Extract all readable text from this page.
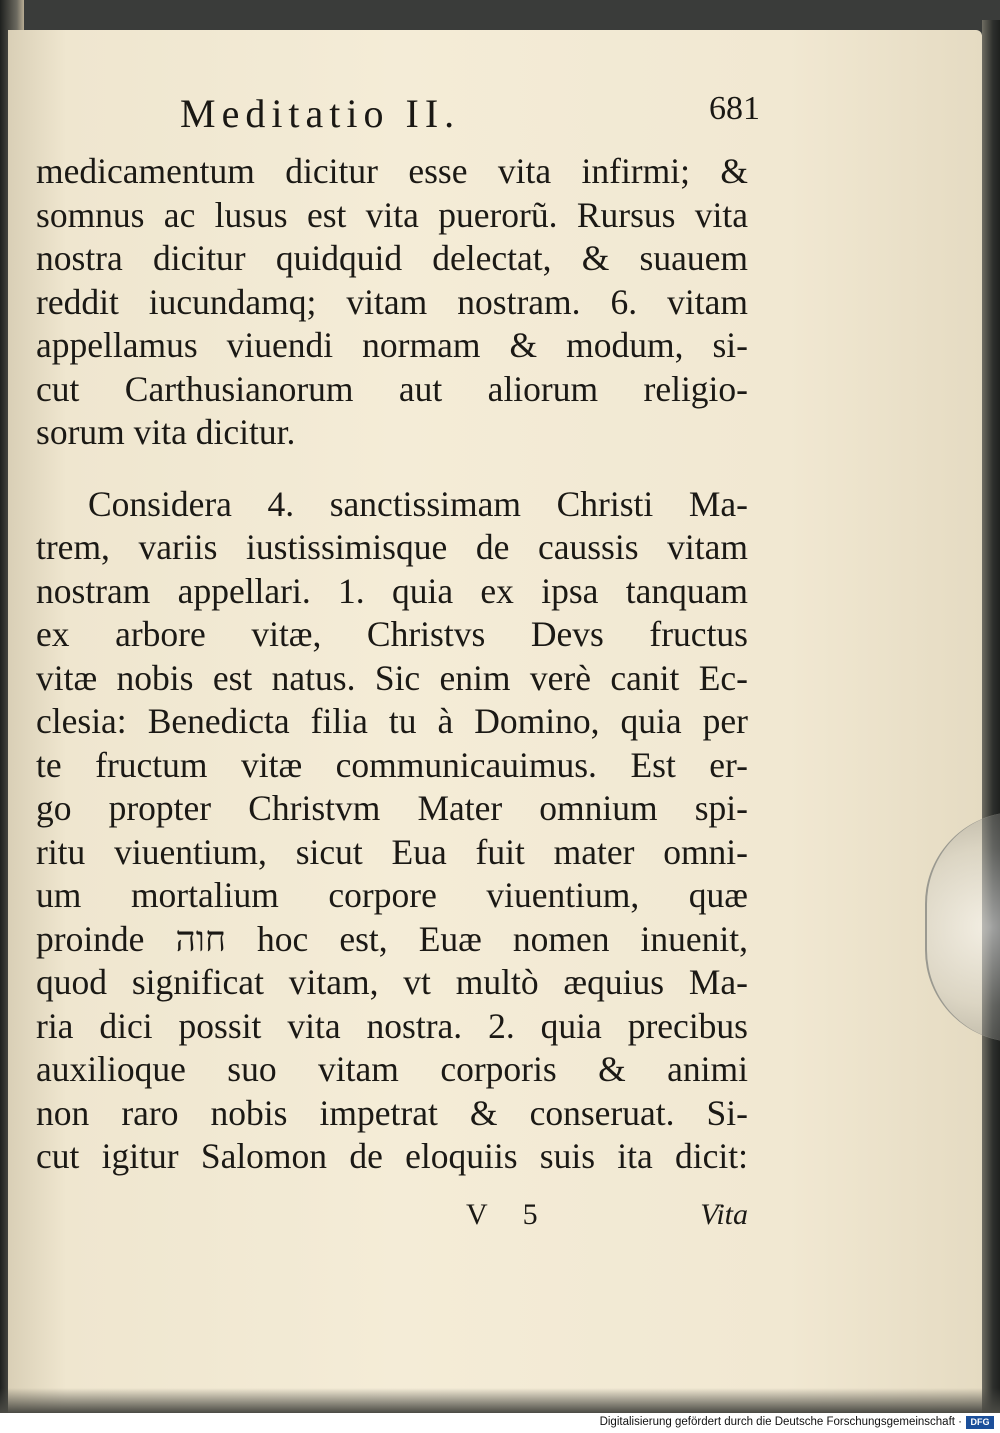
Meditatio II.	681
medicamentum dicitur esse vita infirmi; &
somnus ac lusus est vita puerorũ. Rursus vita
nostra dicitur quidquid delectat, & suauem
reddit iucundamq; vitam nostram. 6. vitam
appellamus viuendi normam & modum, si-
cut Carthusianorum aut aliorum religio-
sorum vita dicitur.
Considera 4. sanctissimam Christi Ma-
trem, variis iustissimisque de caussis vitam
nostram appellari. 1. quia ex ipsa tanquam
ex arbore vitæ, Christvs Devs fructus
vitæ nobis est natus. Sic enim verè canit Ec-
clesia: Benedicta filia tu à Domino, quia per
te fructum vitæ communicauimus. Est er-
go propter Christvm Mater omnium spi-
ritu viuentium, sicut Eua fuit mater omni-
um mortalium corpore viuentium, quæ
proinde חוה hoc est, Euæ nomen inuenit,
quod significat vitam, vt multò æquius Ma-
ria dici possit vita nostra. 2. quia precibus
auxilioque suo vitam corporis & animi
non raro nobis impetrat & conseruat. Si-
cut igitur Salomon de eloquiis suis ita dicit:
V 5	Vita
Digitalisierung gefördert durch die Deutsche Forschungsgemeinschaft · DFG
